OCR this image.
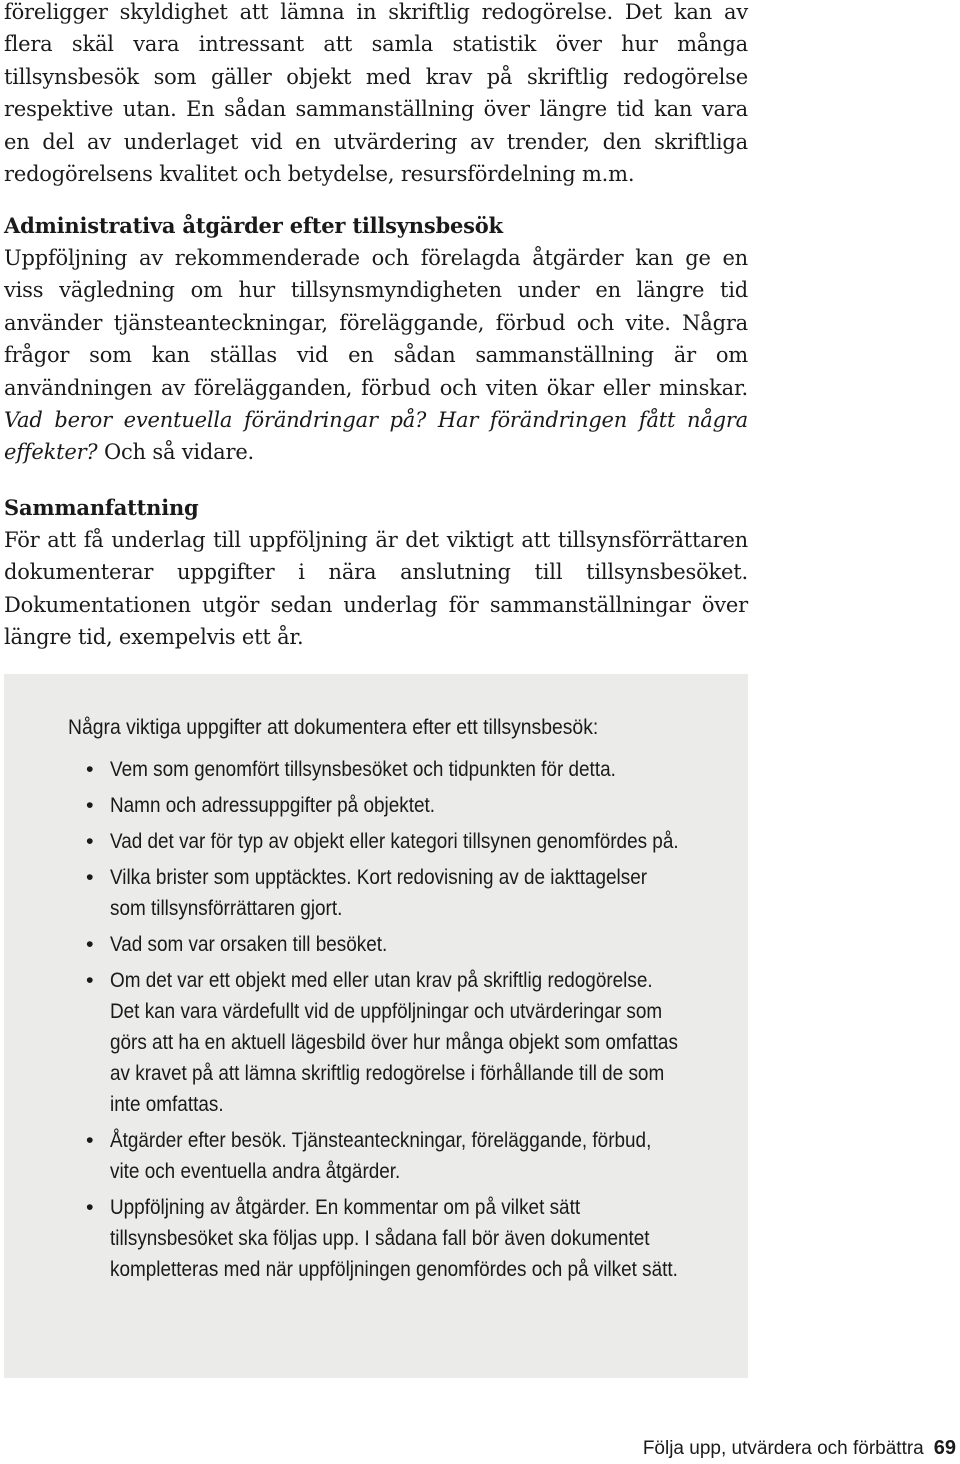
föreligger skyldighet att lämna in skriftlig redogörelse. Det kan av flera skäl vara intressant att samla statistik över hur många tillsynsbesök som gäller objekt med krav på skriftlig redogörelse respektive utan. En sådan sammanställning över längre tid kan vara en del av underlaget vid en utvärdering av trender, den skriftliga redogörelsens kvalitet och betydelse, resursfördelning m.m.

Administrativa åtgärder efter tillsynsbesök

Uppföljning av rekommenderade och förelagda åtgärder kan ge en viss vägledning om hur tillsynsmyndigheten under en längre tid använder tjänsteanteckningar, föreläggande, förbud och vite. Några frågor som kan ställas vid en sådan sammanställning är om användningen av förelägganden, förbud och viten ökar eller minskar. Vad beror eventuella förändringar på? Har förändringen fått några effekter? Och så vidare.

Sammanfattning

För att få underlag till uppföljning är det viktigt att tillsynsförrättaren dokumenterar uppgifter i nära anslutning till tillsynsbesöket. Dokumentationen utgör sedan underlag för sammanställningar över längre tid, exempelvis ett år.

Några viktiga uppgifter att dokumentera efter ett tillsynsbesök:

• Vem som genomfört tillsynsbesöket och tidpunkten för detta.
• Namn och adressuppgifter på objektet.
• Vad det var för typ av objekt eller kategori tillsynen genomfördes på.
• Vilka brister som upptäcktes. Kort redovisning av de iakttagelser som tillsynsförrättaren gjort.
• Vad som var orsaken till besöket.
• Om det var ett objekt med eller utan krav på skriftlig redogörelse. Det kan vara värdefullt vid de uppföljningar och utvärderingar som görs att ha en aktuell lägesbild över hur många objekt som omfattas av kravet på att lämna skriftlig redogörelse i förhållande till de som inte omfattas.
• Åtgärder efter besök. Tjänsteanteckningar, föreläggande, förbud, vite och eventuella andra åtgärder.
• Uppföljning av åtgärder. En kommentar om på vilket sätt tillsynsbesöket ska följas upp. I sådana fall bör även dokumentet kompletteras med när uppföljningen genomfördes och på vilket sätt.
Följa upp, utvärdera och förbättra 69
